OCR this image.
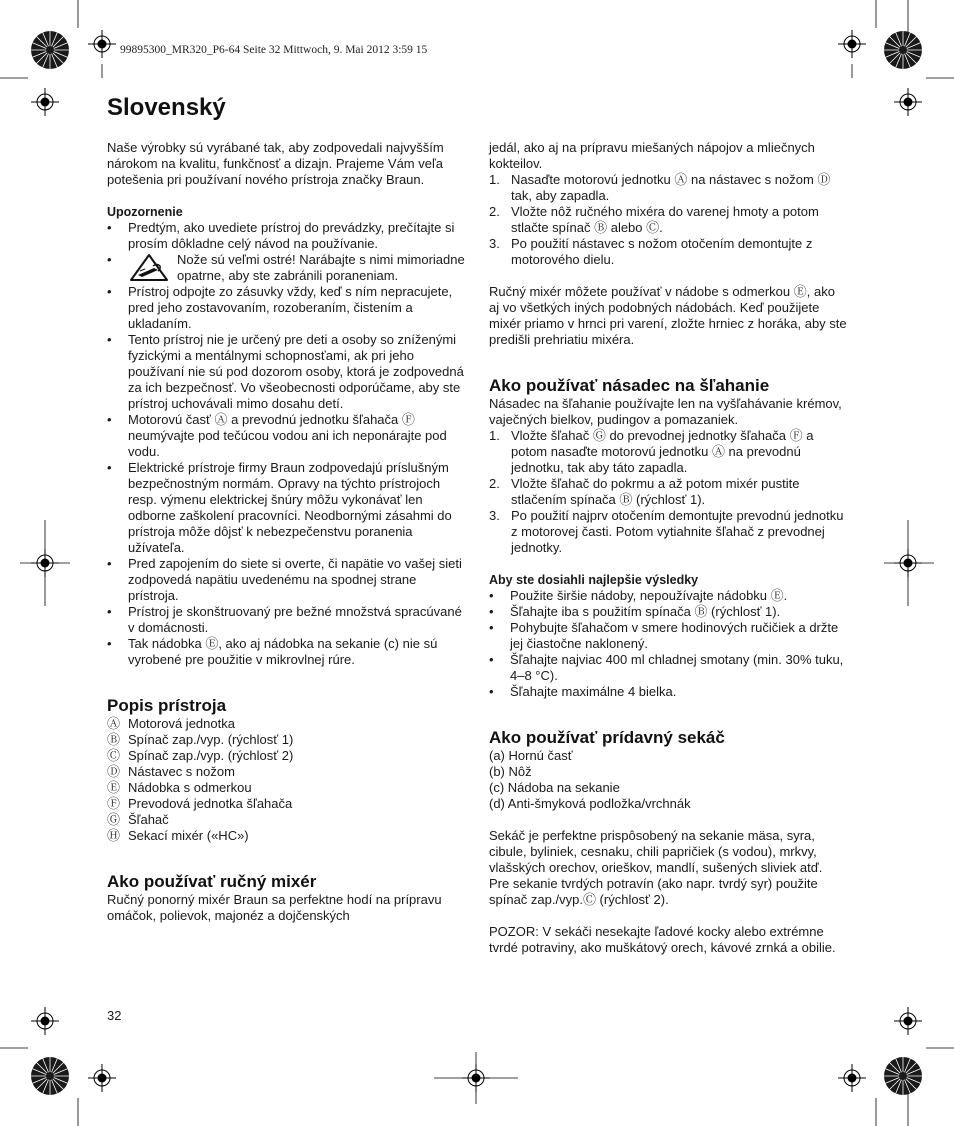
99895300_MR320_P6-64 Seite 32 Mittwoch, 9. Mai 2012 3:59 15
Slovenský

Naše výrobky sú vyrábané tak, aby zodpovedali najvyšším nárokom na kvalitu, funkčnosť a dizajn. Prajeme Vám veľa potešenia pri používaní nového prístroja značky Braun.

Upozornenie

•	Predtým, ako uvediete prístroj do prevádzky, prečítajte si prosím dôkladne celý návod na používanie.
•	Nože sú veľmi ostré! Narábajte s nimi mimoriadne opatrne, aby ste zabránili poraneniam.
•	Prístroj odpojte zo zásuvky vždy, keď s ním nepracujete, pred jeho zostavovaním, rozoberaním, čistením a ukladaním.
•	Tento prístroj nie je určený pre deti a osoby so zníženými fyzickými a mentálnymi schopnosťami, ak pri jeho používaní nie sú pod dozorom osoby, ktorá je zodpovedná
za ich bezpečnosť. Vo všeobecnosti odporúčame, aby ste prístroj uchovávali mimo dosahu detí.
•	Motorovú časť Ⓐ a prevodnú jednotku šľahača Ⓕ neumývajte pod tečúcou vodou ani ich neponárajte pod vodu.
•	Elektrické prístroje firmy Braun zodpovedajú príslušným bezpečnostným normám. Opravy na týchto prístrojoch resp. výmenu elektrickej šnúry môžu vykonávať len odborne zaškolení pracovníci. Neodbornými zásahmi do prístroja môže dôjsť k nebezpečenstvu poranenia užívateľa.
•	Pred zapojením do siete si overte, či napätie vo vašej sieti zodpovedá napätiu uvedenému na spodnej strane prístroja.
•	Prístroj je skonštruovaný pre bežné množstvá spracúvané v domácnosti.
•	Tak nádobka Ⓔ, ako aj nádobka na sekanie (c) nie sú vyrobené pre použitie v mikrovlnej rúre.

Popis prístroja

Ⓐ Motorová jednotka
Ⓑ Spínač zap./vyp. (rýchlosť 1)
Ⓒ Spínač zap./vyp. (rýchlosť 2)
Ⓓ Nástavec s nožom
Ⓔ Nádobka s odmerkou
Ⓕ Prevodová jednotka šľahača
Ⓖ Šľahač
Ⓗ Sekací mixér («HC»)

Ako používať ručný mixér

Ručný ponorný mixér Braun sa perfektne hodí na prípravu omáčok, polievok, majonéz a dojčenských

jedál, ako aj na prípravu miešaných nápojov a mliečnych kokteilov.

1. Nasaďte motorovú jednotku Ⓐ na nástavec s nožom Ⓓ tak, aby zapadla.
2. Vložte nôž ručného mixéra do varenej hmoty a potom stlačte spínač Ⓑ alebo Ⓒ.
3. Po použití nástavec s nožom otočením demontujte z motorového dielu.

Ručný mixér môžete používať v nádobe s odmerkou Ⓔ, ako aj vo všetkých iných podobných nádobách. Keď použijete mixér priamo v hrnci pri varení, zložte hrniec z horáka, aby ste predišli prehriatiu mixéra.

Ako používať násadec na šľahanie

Násadec na šľahanie používajte len na vyšľahávanie krémov, vaječných bielkov, pudingov a pomazaniek.

1. Vložte šľahač Ⓖ do prevodnej jednotky šľahača Ⓕ a potom nasaďte motorovú jednotku Ⓐ na prevodnú jednotku, tak aby táto zapadla.
2. Vložte šľahač do pokrmu a až potom mixér pustite stlačením spínača Ⓑ (rýchlosť 1).
3. Po použití najprv otočením demontujte prevodnú jednotku z motorovej časti. Potom vytiahnite šľahač z prevodnej jednotky.

Aby ste dosiahli najlepšie výsledky

•	Použite širšie nádoby, nepoužívajte nádobku Ⓔ.
•	Šľahajte iba s použitím spínača Ⓑ (rýchlosť 1).
•	Pohybujte šľahačom v smere hodinových ručičiek a držte jej čiastočne naklonený.
•	Šľahajte najviac 400 ml chladnej smotany (min. 30% tuku, 4–8 °C).
•	Šľahajte maximálne 4 bielka.

Ako používať prídavný sekáč

(a) Hornú časť

(b) Nôž

(c) Nádoba na sekanie

(d) Anti-šmyková podložka/vrchnák

Sekáč je perfektne prispôsobený na sekanie mäsa, syra, cibule, byliniek, cesnaku, chili papričiek (s vodou), mrkvy, vlašských orechov, orieškov, mandlí, sušených sliviek atď.

Pre sekanie tvrdých potravín (ako napr. tvrdý syr) použite spínač zap./vyp.Ⓒ (rýchlosť 2).

POZOR: V sekáči nesekajte ľadové kocky alebo extrémne tvrdé potraviny, ako muškátový orech, kávové zrnká a obilie.

32
